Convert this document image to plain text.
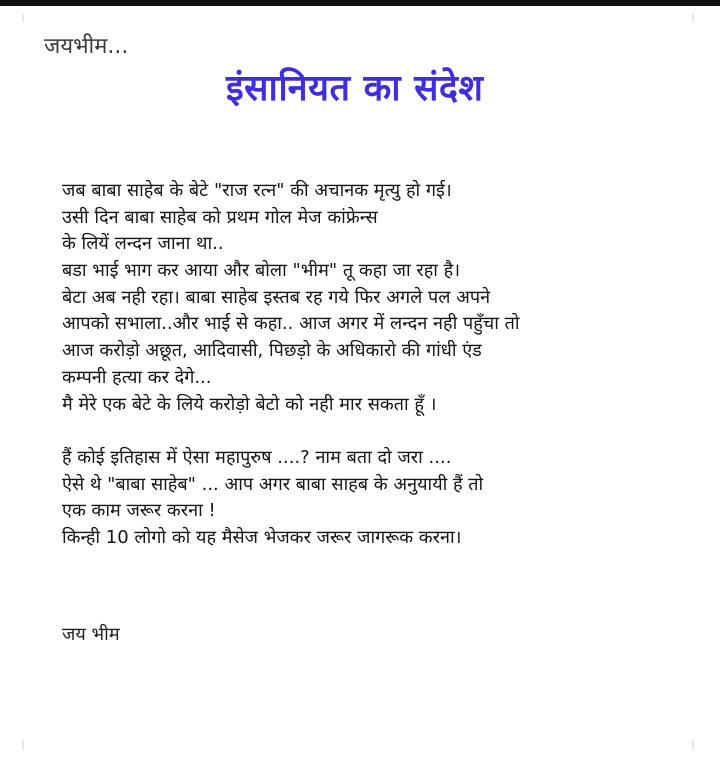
जयभीम...
इंसानियत का संदेश
जब बाबा साहेब के बेटे "राज रत्न" की अचानक मृत्यु हो गई।
उसी दिन बाबा साहेब को प्रथम गोल मेज कांफ्रेन्स
के लियें लन्दन जाना था..
बडा भाई भाग कर आया और बोला "भीम" तू कहा जा रहा है।
बेटा अब नही रहा। बाबा साहेब इस्तब रह गये फिर अगले पल अपने
आपको सभाला..और भाई से कहा.. आज अगर में लन्दन नही पहुँचा तो
आज करोड़ो अछूत, आदिवासी, पिछड़ो के अधिकारो की गांधी एंड
कम्पनी हत्या कर देगे...
मै मेरे एक बेटे के लिये करोड़ो बेटो को नही मार सकता हूँ ।
हैं कोई इतिहास में ऐसा महापुरुष ....? नाम बता दो जरा ....
ऐसे थे "बाबा साहेब" ... आप अगर बाबा साहब के अनुयायी हैं तो
एक काम जरूर करना !
किन्ही 10 लोगो को यह मैसेज भेजकर जरूर जागरूक करना।
जय भीम
